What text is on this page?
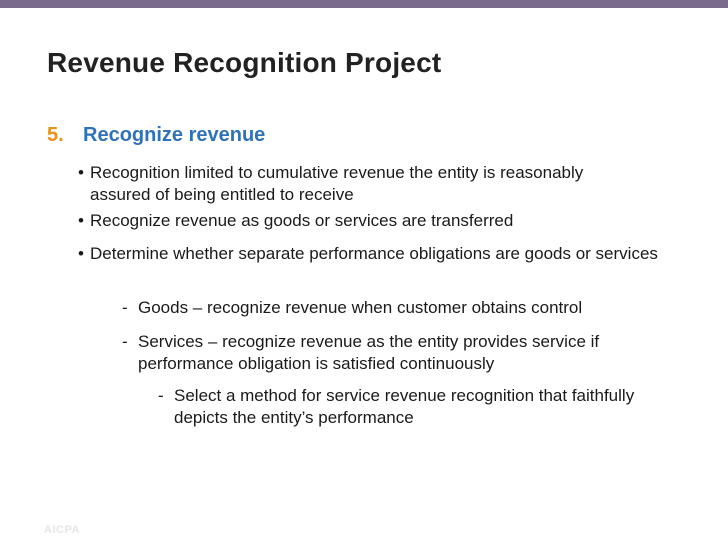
Revenue Recognition Project
5. Recognize revenue
• Recognition limited to cumulative revenue the entity is reasonably assured of being entitled to receive
• Recognize revenue as goods or services are transferred
• Determine whether separate performance obligations are goods or services
- Goods – recognize revenue when customer obtains control
- Services – recognize revenue as the entity provides service if performance obligation is satisfied continuously
- Select a method for service revenue recognition that faithfully depicts the entity’s performance
AICPA
